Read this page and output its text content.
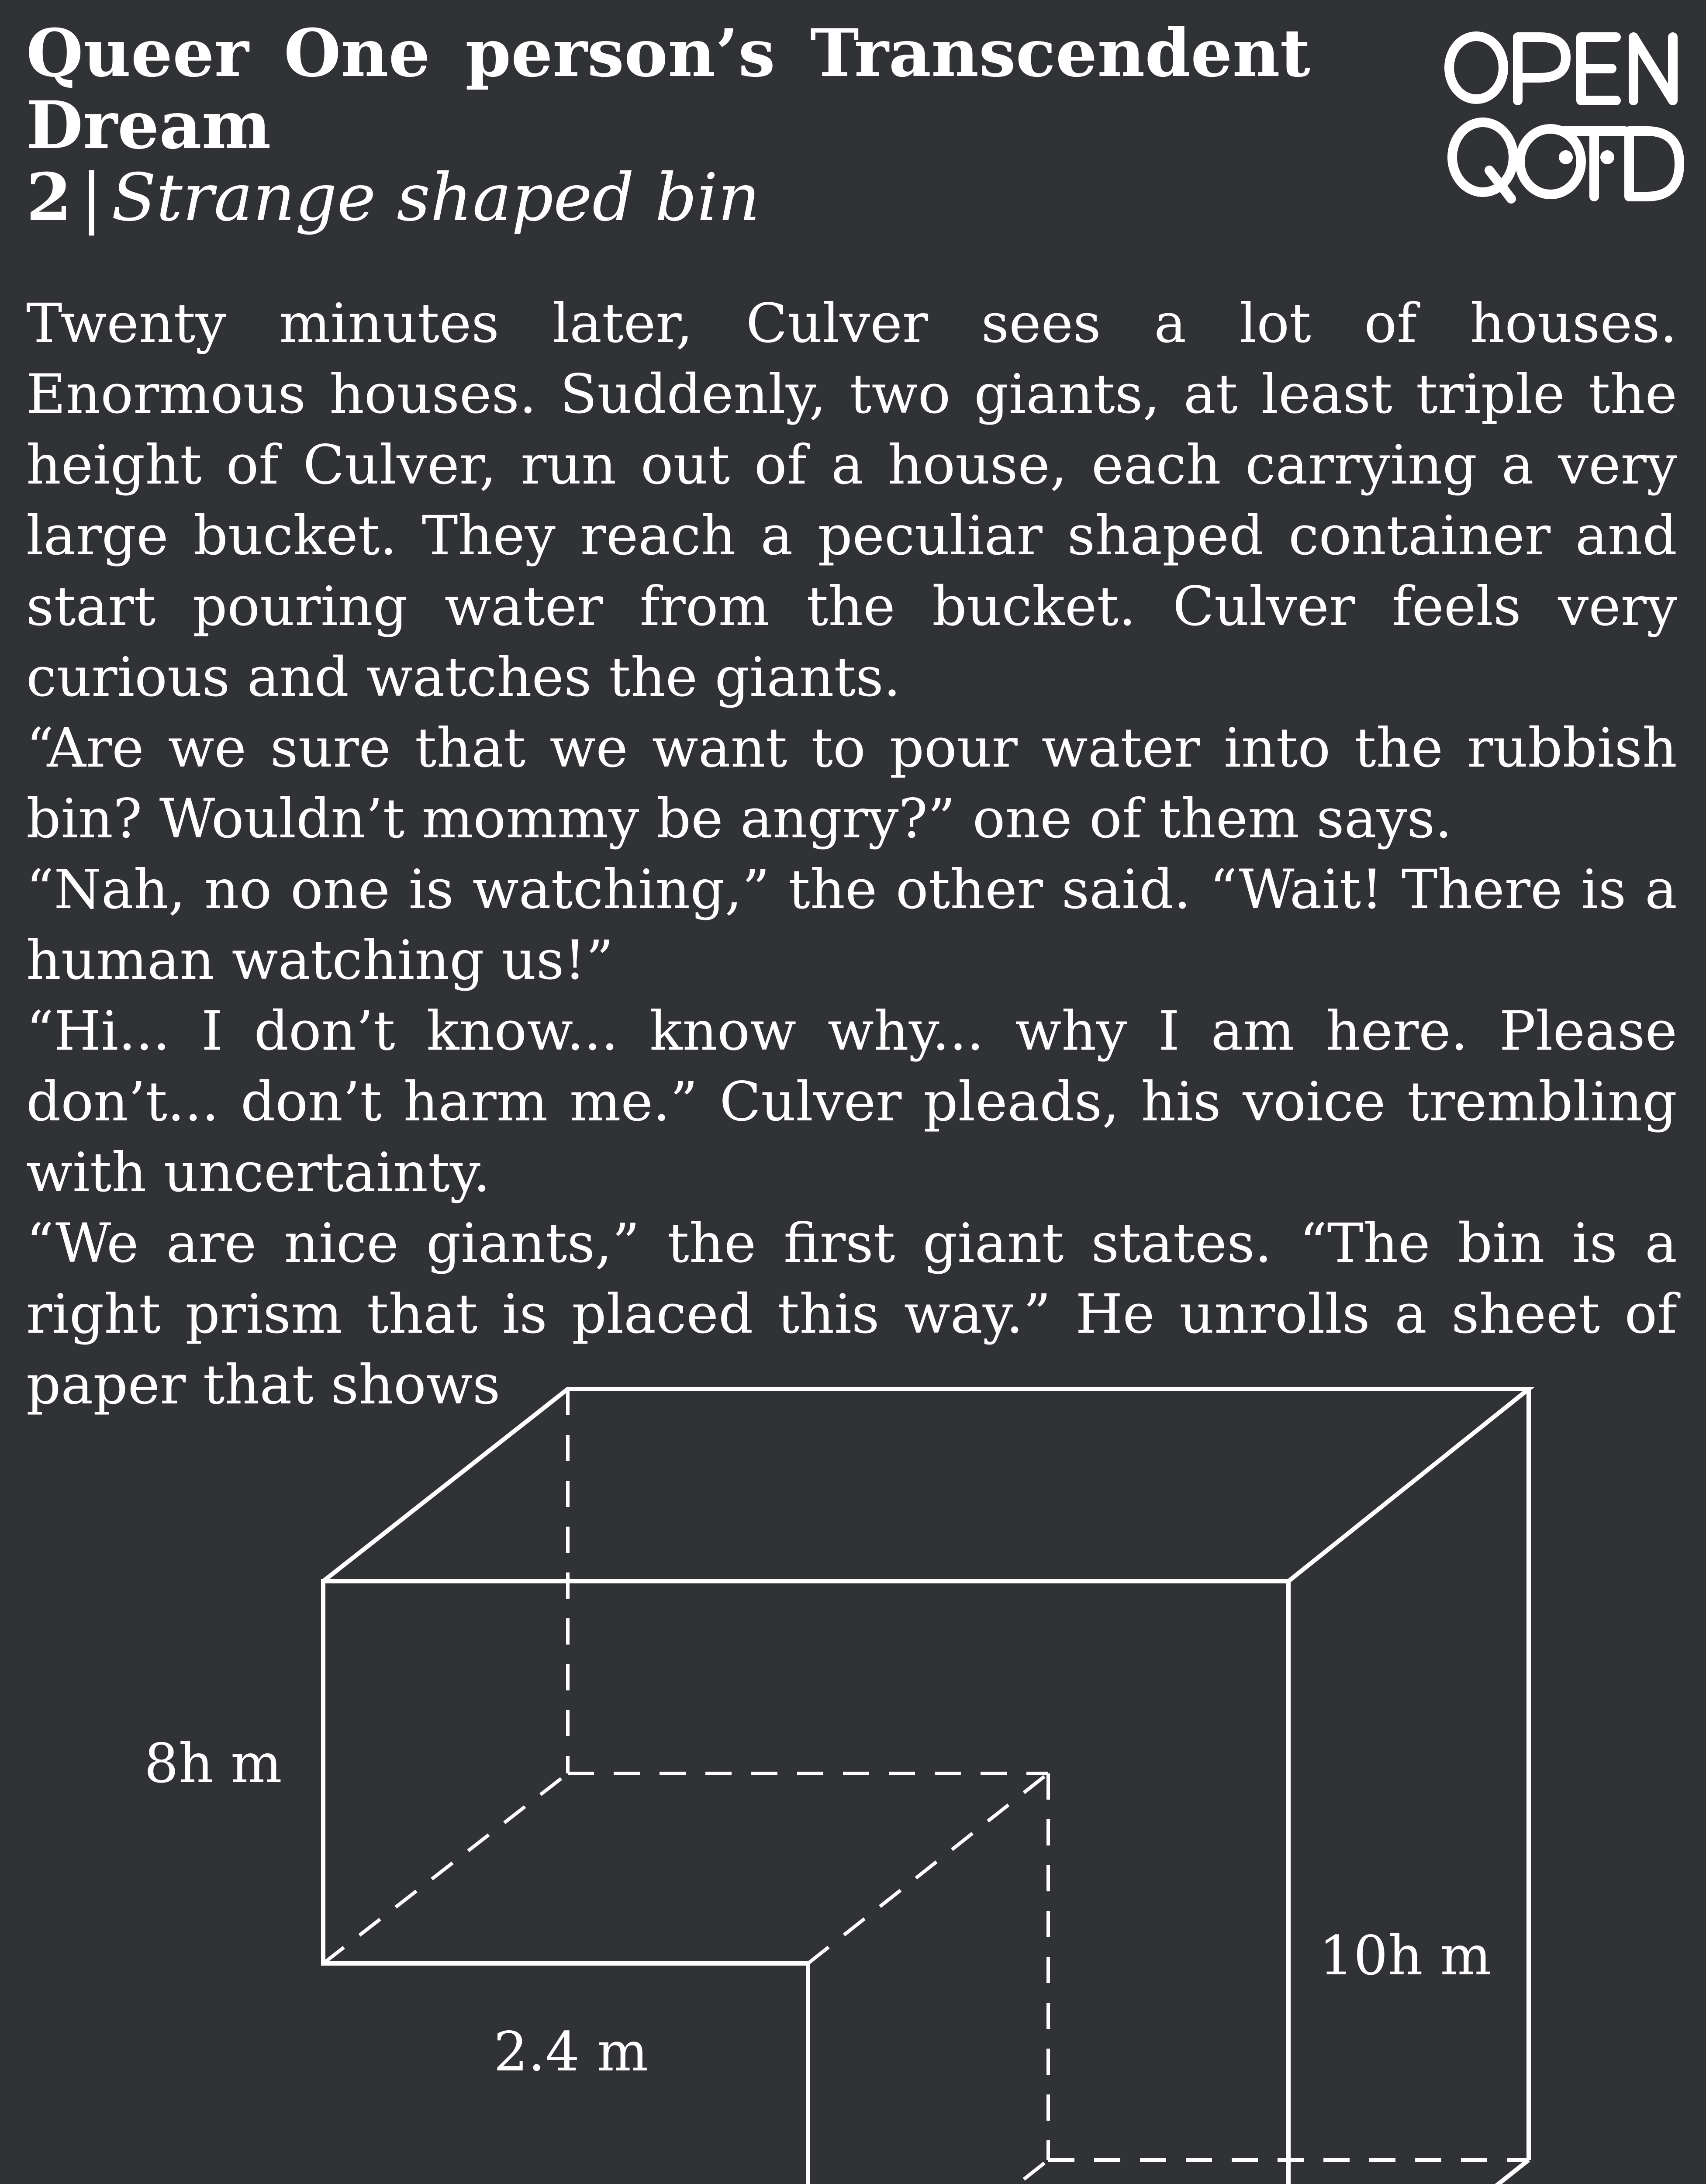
Queer One person’s Transcendent Dream
2 | Strange shaped bin

Twenty minutes later, Culver sees a lot of houses. Enormous houses. Suddenly, two giants, at least triple the height of Culver, run out of a house, each carrying a very large bucket. They reach a peculiar shaped container and start pouring water from the bucket. Culver feels very curious and watches the giants.

“Are we sure that we want to pour water into the rubbish bin? Wouldn’t mommy be angry?” one of them says.

“Nah, no one is watching,” the other said. “Wait! There is a human watching us!”

“Hi... I don’t know... know why... why I am here. Please don’t... don’t harm me.” Culver pleads, his voice trembling with uncertainty.

“We are nice giants,” the first giant states. “The bin is a right prism that is placed this way.” He unrolls a sheet of paper that shows

8h m
2.4 m
10h m
